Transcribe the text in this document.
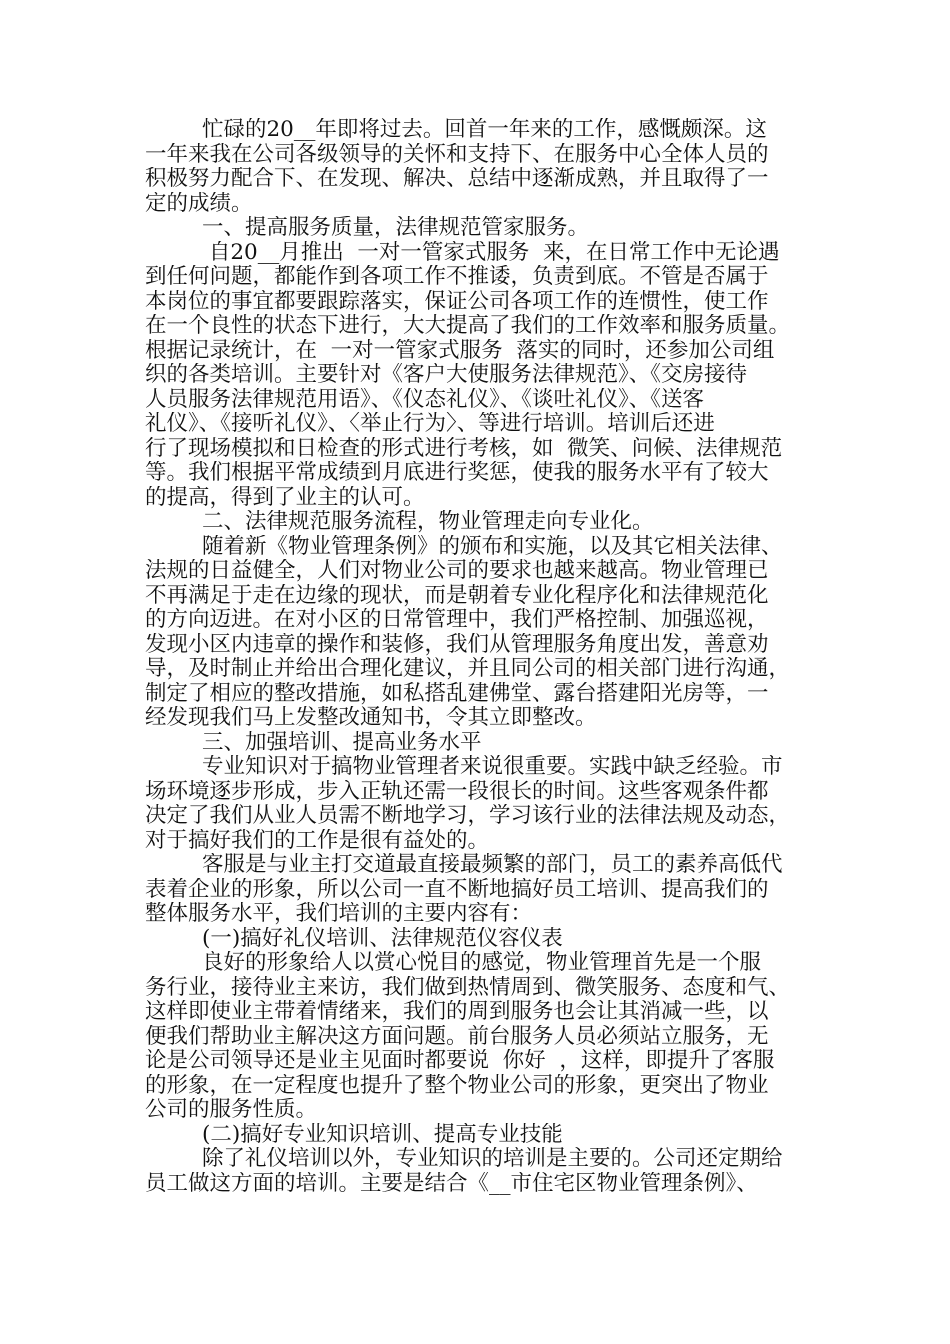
忙碌的20__年即将过去。回首一年来的工作，感慨颇深。这
一年来我在公司各级领导的关怀和支持下、在服务中心全体人员的
积极努力配合下、在发现、解决、总结中逐渐成熟，并且取得了一
定的成绩。
一、提高服务质量，法律规范管家服务。
自20__月推出  一对一管家式服务  来，在日常工作中无论遇
到任何问题，都能作到各项工作不推诿，负责到底。不管是否属于
本岗位的事宜都要跟踪落实，保证公司各项工作的连惯性，使工作
在一个良性的状态下进行，大大提高了我们的工作效率和服务质量。
根据记录统计，在  一对一管家式服务  落实的同时，还参加公司组
织的各类培训。主要针对《客户大使服务法律规范》、《交房接待
人员服务法律规范用语》、《仪态礼仪》、《谈吐礼仪》、《送客
礼仪》、《接听礼仪》、〈举止行为〉、等进行培训。培训后还进
行了现场模拟和日检查的形式进行考核，如  微笑、问候、法律规范
等。我们根据平常成绩到月底进行奖惩，使我的服务水平有了较大
的提高，得到了业主的认可。
二、法律规范服务流程，物业管理走向专业化。
随着新《物业管理条例》的颁布和实施，以及其它相关法律、
法规的日益健全，人们对物业公司的要求也越来越高。物业管理已
不再满足于走在边缘的现状，而是朝着专业化程序化和法律规范化
的方向迈进。在对小区的日常管理中，我们严格控制、加强巡视，
发现小区内违章的操作和装修，我们从管理服务角度出发，善意劝
导，及时制止并给出合理化建议，并且同公司的相关部门进行沟通，
制定了相应的整改措施，如私搭乱建佛堂、露台搭建阳光房等，一
经发现我们马上发整改通知书，令其立即整改。
三、加强培训、提高业务水平
专业知识对于搞物业管理者来说很重要。实践中缺乏经验。市
场环境逐步形成，步入正轨还需一段很长的时间。这些客观条件都
决定了我们从业人员需不断地学习，学习该行业的法律法规及动态，
对于搞好我们的工作是很有益处的。
客服是与业主打交道最直接最频繁的部门，员工的素养高低代
表着企业的形象，所以公司一直不断地搞好员工培训、提高我们的
整体服务水平，我们培训的主要内容有：
(一)搞好礼仪培训、法律规范仪容仪表
良好的形象给人以赏心悦目的感觉，物业管理首先是一个服
务行业，接待业主来访，我们做到热情周到、微笑服务、态度和气、
这样即使业主带着情绪来，我们的周到服务也会让其消减一些，以
便我们帮助业主解决这方面问题。前台服务人员必须站立服务，无
论是公司领导还是业主见面时都要说  你好  ，这样，即提升了客服
的形象，在一定程度也提升了整个物业公司的形象，更突出了物业
公司的服务性质。
(二)搞好专业知识培训、提高专业技能
除了礼仪培训以外，专业知识的培训是主要的。公司还定期给
员工做这方面的培训。主要是结合《__市住宅区物业管理条例》、
